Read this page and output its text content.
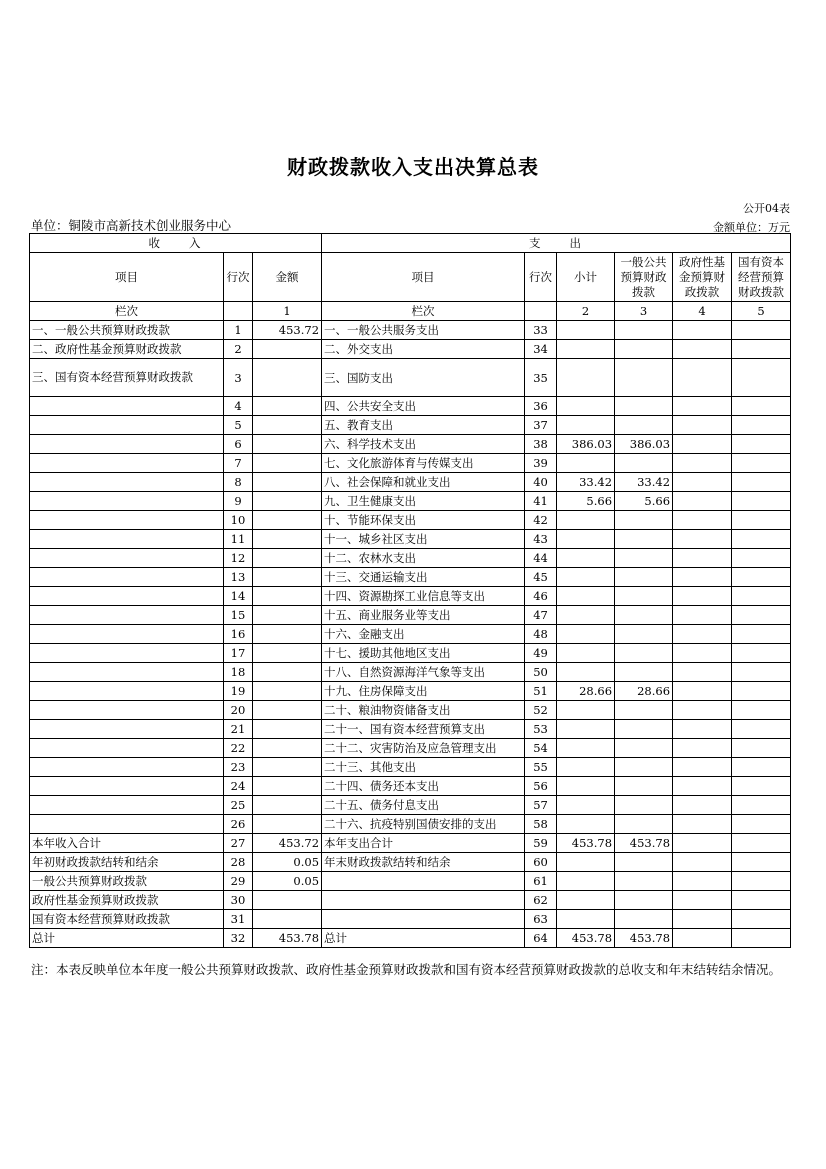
财政拨款收入支出决算总表
公开04表
单位：铜陵市高新技术创业服务中心	金额单位：万元
收　　入			支　　出					
项目	行次	金额	项目	行次	小计	一般公共预算财政拨款	政府性基金预算财政拨款	国有资本经营预算财政拨款
栏次		1	栏次		2	3	4	5
一、一般公共预算财政拨款	1	453.72	一、一般公共服务支出	33				
二、政府性基金预算财政拨款	2		二、外交支出	34				
三、国有资本经营预算财政拨款	3		三、国防支出	35				
	4		四、公共安全支出	36				
	5		五、教育支出	37				
	6		六、科学技术支出	38	386.03	386.03		
	7		七、文化旅游体育与传媒支出	39				
	8		八、社会保障和就业支出	40	33.42	33.42		
	9		九、卫生健康支出	41	5.66	5.66		
	10		十、节能环保支出	42				
	11		十一、城乡社区支出	43				
	12		十二、农林水支出	44				
	13		十三、交通运输支出	45				
	14		十四、资源勘探工业信息等支出	46				
	15		十五、商业服务业等支出	47				
	16		十六、金融支出	48				
	17		十七、援助其他地区支出	49				
	18		十八、自然资源海洋气象等支出	50				
	19		十九、住房保障支出	51	28.66	28.66		
	20		二十、粮油物资储备支出	52				
	21		二十一、国有资本经营预算支出	53				
	22		二十二、灾害防治及应急管理支出	54				
	23		二十三、其他支出	55				
	24		二十四、债务还本支出	56				
	25		二十五、债务付息支出	57				
	26		二十六、抗疫特别国债安排的支出	58				
本年收入合计	27	453.72	本年支出合计	59	453.78	453.78		
年初财政拨款结转和结余	28	0.05	年末财政拨款结转和结余	60				
一般公共预算财政拨款	29	0.05		61				
政府性基金预算财政拨款	30			62				
国有资本经营预算财政拨款	31			63				
总计	32	453.78	总计	64	453.78	453.78		
注：本表反映单位本年度一般公共预算财政拨款、政府性基金预算财政拨款和国有资本经营预算财政拨款的总收支和年末结转结余情况。
